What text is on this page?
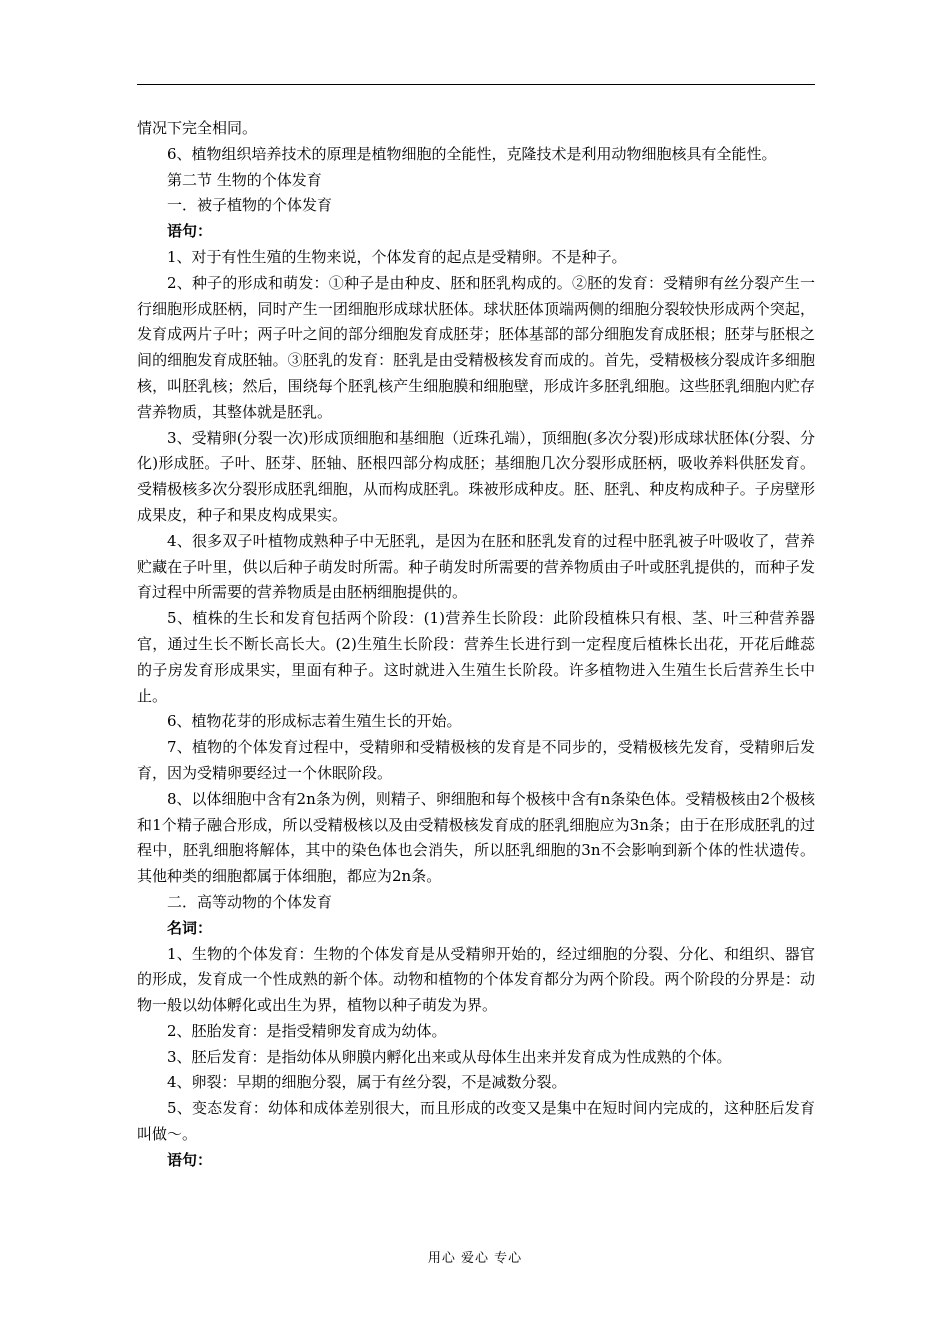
情况下完全相同。

6、植物组织培养技术的原理是植物细胞的全能性，克隆技术是利用动物细胞核具有全能性。

第二节 生物的个体发育

一．被子植物的个体发育

语句：

1、对于有性生殖的生物来说，个体发育的起点是受精卵。不是种子。

2、种子的形成和萌发：①种子是由种皮、胚和胚乳构成的。②胚的发育：受精卵有丝分裂产生一行细胞形成胚柄，同时产生一团细胞形成球状胚体。球状胚体顶端两侧的细胞分裂较快形成两个突起，发育成两片子叶；两子叶之间的部分细胞发育成胚芽；胚体基部的部分细胞发育成胚根；胚芽与胚根之间的细胞发育成胚轴。③胚乳的发育：胚乳是由受精极核发育而成的。首先，受精极核分裂成许多细胞核，叫胚乳核；然后，围绕每个胚乳核产生细胞膜和细胞壁，形成许多胚乳细胞。这些胚乳细胞内贮存营养物质，其整体就是胚乳。

3、受精卵(分裂一次)形成顶细胞和基细胞（近珠孔端），顶细胞(多次分裂)形成球状胚体(分裂、分化)形成胚。子叶、胚芽、胚轴、胚根四部分构成胚；基细胞几次分裂形成胚柄，吸收养料供胚发育。受精极核多次分裂形成胚乳细胞，从而构成胚乳。珠被形成种皮。胚、胚乳、种皮构成种子。子房壁形成果皮，种子和果皮构成果实。

4、很多双子叶植物成熟种子中无胚乳，是因为在胚和胚乳发育的过程中胚乳被子叶吸收了，营养贮藏在子叶里，供以后种子萌发时所需。种子萌发时所需要的营养物质由子叶或胚乳提供的，而种子发育过程中所需要的营养物质是由胚柄细胞提供的。

5、植株的生长和发育包括两个阶段：(1)营养生长阶段：此阶段植株只有根、茎、叶三种营养器官，通过生长不断长高长大。(2)生殖生长阶段：营养生长进行到一定程度后植株长出花，开花后雌蕊的子房发育形成果实，里面有种子。这时就进入生殖生长阶段。许多植物进入生殖生长后营养生长中止。

6、植物花芽的形成标志着生殖生长的开始。

7、植物的个体发育过程中，受精卵和受精极核的发育是不同步的，受精极核先发育，受精卵后发育，因为受精卵要经过一个休眠阶段。

8、以体细胞中含有2n条为例，则精子、卵细胞和每个极核中含有n条染色体。受精极核由2个极核和1个精子融合形成，所以受精极核以及由受精极核发育成的胚乳细胞应为3n条；由于在形成胚乳的过程中，胚乳细胞将解体，其中的染色体也会消失，所以胚乳细胞的3n不会影响到新个体的性状遗传。其他种类的细胞都属于体细胞，都应为2n条。

二．高等动物的个体发育

名词：

1、生物的个体发育：生物的个体发育是从受精卵开始的，经过细胞的分裂、分化、和组织、器官的形成，发育成一个性成熟的新个体。动物和植物的个体发育都分为两个阶段。两个阶段的分界是：动物一般以幼体孵化或出生为界，植物以种子萌发为界。

2、胚胎发育：是指受精卵发育成为幼体。

3、胚后发育：是指幼体从卵膜内孵化出来或从母体生出来并发育成为性成熟的个体。

4、卵裂：早期的细胞分裂，属于有丝分裂，不是减数分裂。

5、变态发育：幼体和成体差别很大，而且形成的改变又是集中在短时间内完成的，这种胚后发育叫做～。

语句：

用心 爱心 专心
